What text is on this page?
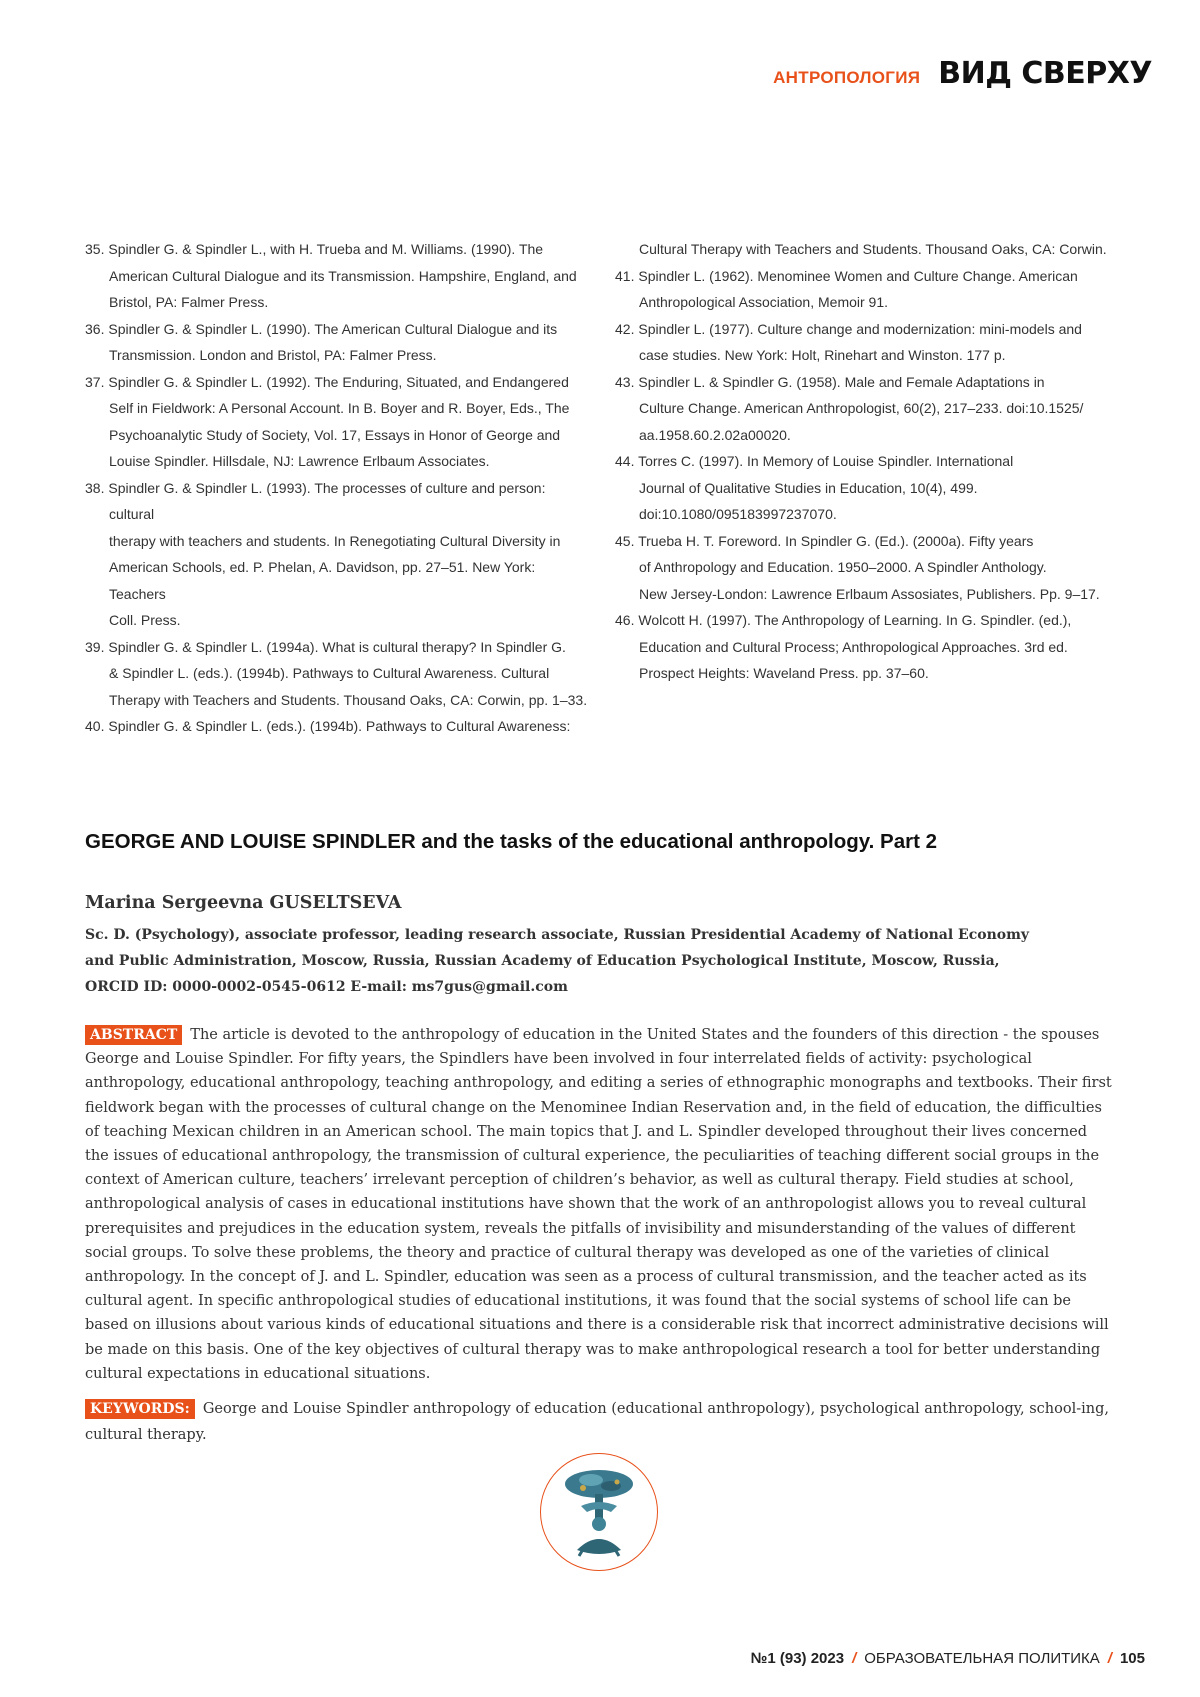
АНТРОПОЛОГИЯ ВИД СВЕРХУ
35. Spindler G. & Spindler L., with H. Trueba and M. Williams. (1990). The
American Cultural Dialogue and its Transmission. Hampshire, England, and
Bristol, PA: Falmer Press.
36. Spindler G. & Spindler L. (1990). The American Cultural Dialogue and its
Transmission. London and Bristol, PA: Falmer Press.
37. Spindler G. & Spindler L. (1992). The Enduring, Situated, and Endangered
Self in Fieldwork: A Personal Account. In B. Boyer and R. Boyer, Eds., The
Psychoanalytic Study of Society, Vol. 17, Essays in Honor of George and
Louise Spindler. Hillsdale, NJ: Lawrence Erlbaum Associates.
38. Spindler G. & Spindler L. (1993). The processes of culture and person: cultural
therapy with teachers and students. In Renegotiating Cultural Diversity in
American Schools, ed. P. Phelan, A. Davidson, pp. 27–51. New York: Teachers
Coll. Press.
39. Spindler G. & Spindler L. (1994a). What is cultural therapy? In Spindler G.
& Spindler L. (eds.). (1994b). Pathways to Cultural Awareness. Cultural
Therapy with Teachers and Students. Thousand Oaks, CA: Corwin, pp. 1–33.
40. Spindler G. & Spindler L. (eds.). (1994b). Pathways to Cultural Awareness:
Cultural Therapy with Teachers and Students. Thousand Oaks, CA: Corwin.
41. Spindler L. (1962). Menominee Women and Culture Change. American
Anthropological Association, Memoir 91.
42. Spindler L. (1977). Culture change and modernization: mini-models and
case studies. New York: Holt, Rinehart and Winston. 177 p.
43. Spindler L. & Spindler G. (1958). Male and Female Adaptations in
Culture Change. American Anthropologist, 60(2), 217–233. doi:10.1525/
aa.1958.60.2.02a00020.
44. Torres C. (1997). In Memory of Louise Spindler. International
Journal of Qualitative Studies in Education, 10(4), 499.
doi:10.1080/095183997237070.
45. Trueba H. T. Foreword. In Spindler G. (Ed.). (2000a). Fifty years
of Anthropology and Education. 1950–2000. A Spindler Anthology.
New Jersey-London: Lawrence Erlbaum Assosiates, Publishers. Pp. 9–17.
46. Wolcott H. (1997). The Anthropology of Learning. In G. Spindler. (ed.),
Education and Cultural Process; Anthropological Approaches. 3rd ed.
Prospect Heights: Waveland Press. pp. 37–60.
GEORGE AND LOUISE SPINDLER and the tasks of the educational anthropology. Part 2
Marina Sergeevna GUSELTSEVA
Sc. D. (Psychology), associate professor, leading research associate, Russian Presidential Academy of National Economy
and Public Administration, Moscow, Russia, Russian Academy of Education Psychological Institute, Moscow, Russia,
ORCID ID: 0000-0002-0545-0612 E-mail: ms7gus@gmail.com
ABSTRACT The article is devoted to the anthropology of education in the United States and the founders of this direction - the spouses George and Louise Spindler. For fifty years, the Spindlers have been involved in four interrelated fields of activity: psychological anthropology, educational anthropology, teaching anthropology, and editing a series of ethnographic monographs and textbooks. Their first fieldwork began with the processes of cultural change on the Menominee Indian Reservation and, in the field of education, the difficulties of teaching Mexican children in an American school. The main topics that J. and L. Spindler developed throughout their lives concerned the issues of educational anthropology, the transmission of cultural experience, the peculiarities of teaching different social groups in the context of American culture, teachers’ irrelevant perception of children’s behavior, as well as cultural therapy. Field studies at school, anthropological analysis of cases in educational institutions have shown that the work of an anthropologist allows you to reveal cultural prerequisites and prejudices in the education system, reveals the pitfalls of invisibility and misunderstanding of the values of different social groups. To solve these problems, the theory and practice of cultural therapy was developed as one of the varieties of clinical anthropology. In the concept of J. and L. Spindler, education was seen as a process of cultural transmission, and the teacher acted as its cultural agent. In specific anthropological studies of educational institutions, it was found that the social systems of school life can be based on illusions about various kinds of educational situations and there is a considerable risk that incorrect administrative decisions will be made on this basis. One of the key objectives of cultural therapy was to make anthropological research a tool for better understanding cultural expectations in educational situations.
KEYWORDS: George and Louise Spindler anthropology of education (educational anthropology), psychological anthropology, school-ing, cultural therapy.
№1 (93) 2023 / ОБРАЗОВАТЕЛЬНАЯ ПОЛИТИКА / 105
